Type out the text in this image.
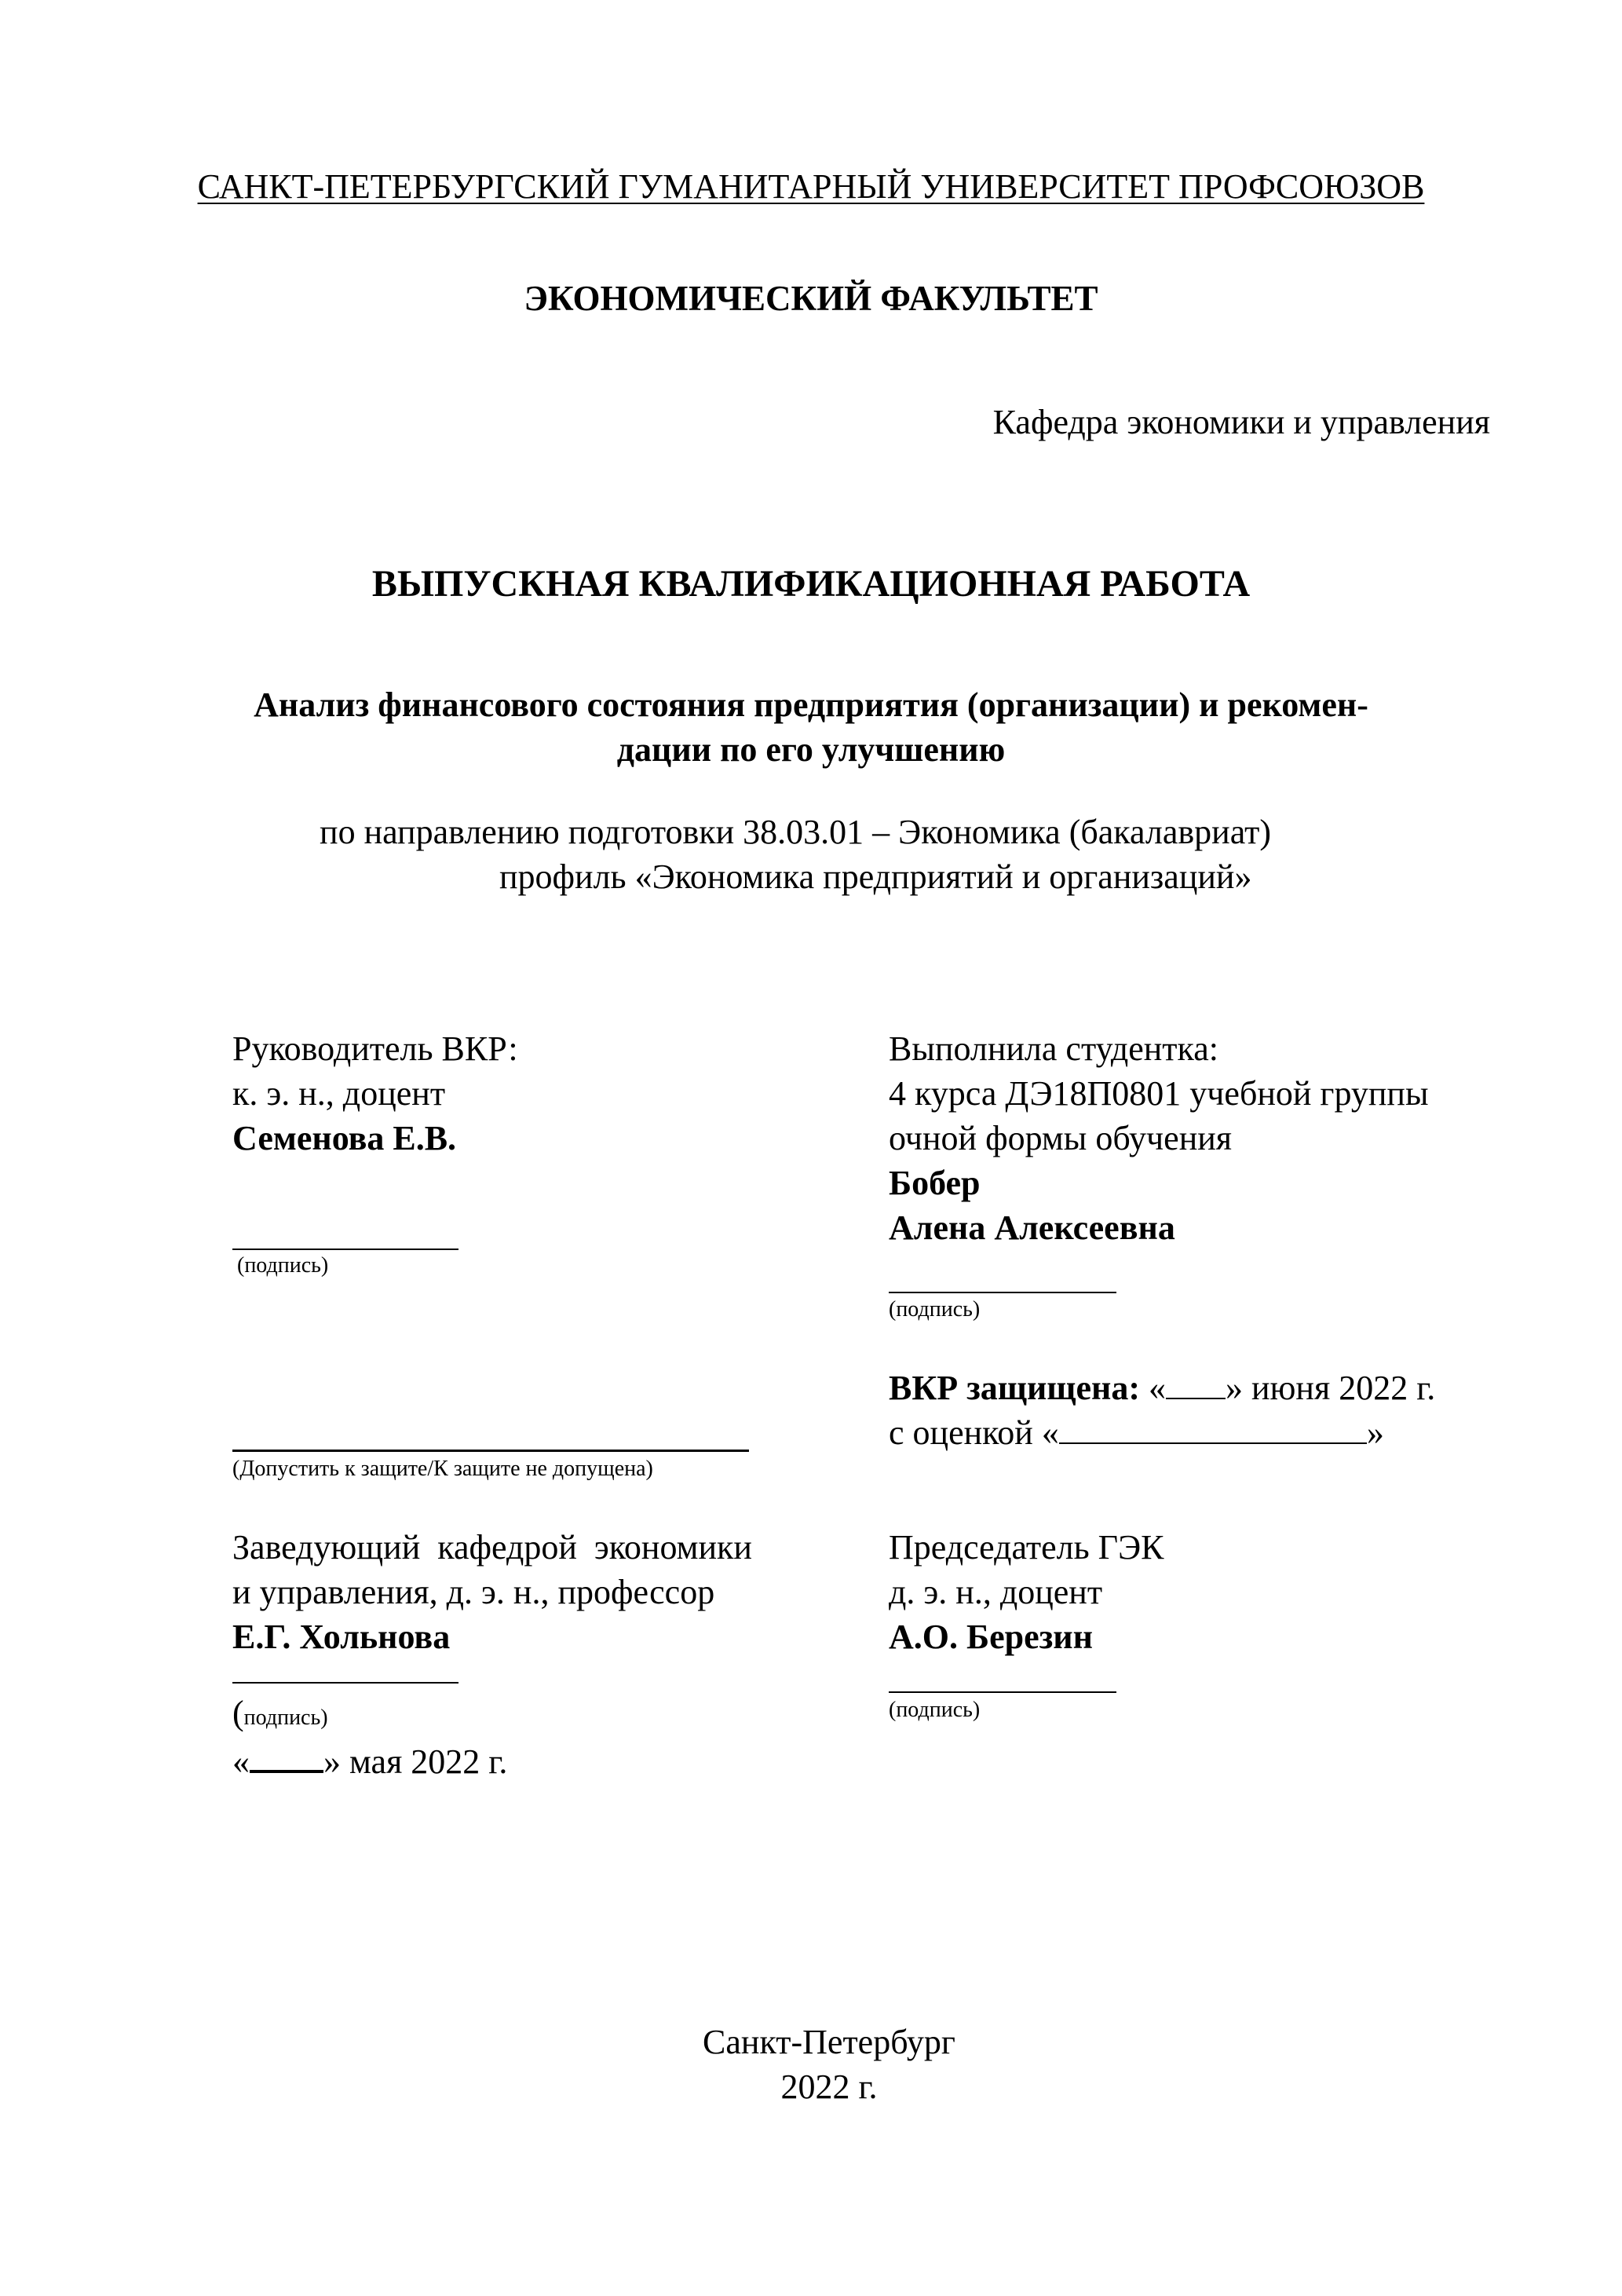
САНКТ-ПЕТЕРБУРГСКИЙ ГУМАНИТАРНЫЙ УНИВЕРСИТЕТ ПРОФСОЮЗОВ
ЭКОНОМИЧЕСКИЙ ФАКУЛЬТЕТ
Кафедра экономики и управления
ВЫПУСКНАЯ КВАЛИФИКАЦИОННАЯ РАБОТА
Анализ финансового состояния предприятия (организации) и рекомен-
дации по его улучшению
по направлению подготовки 38.03.01 – Экономика (бакалавриат)
профиль «Экономика предприятий и организаций»
Руководитель ВКР:
к. э. н., доцент
Семенова Е.В.
(подпись)
Выполнила студентка:
4 курса ДЭ18П0801 учебной группы
очной формы обучения
Бобер
Алена Алексеевна
(подпись)
ВКР защищена: « » июня 2022 г.
с оценкой «	»
(Допустить к защите/К защите не допущена)
Заведующий  кафедрой  экономики
и управления, д. э. н., профессор
Е.Г. Хольнова
(подпись)
« » мая 2022 г.
Председатель ГЭК
д. э. н., доцент
А.О. Березин
(подпись)
Санкт-Петербург
2022 г.
